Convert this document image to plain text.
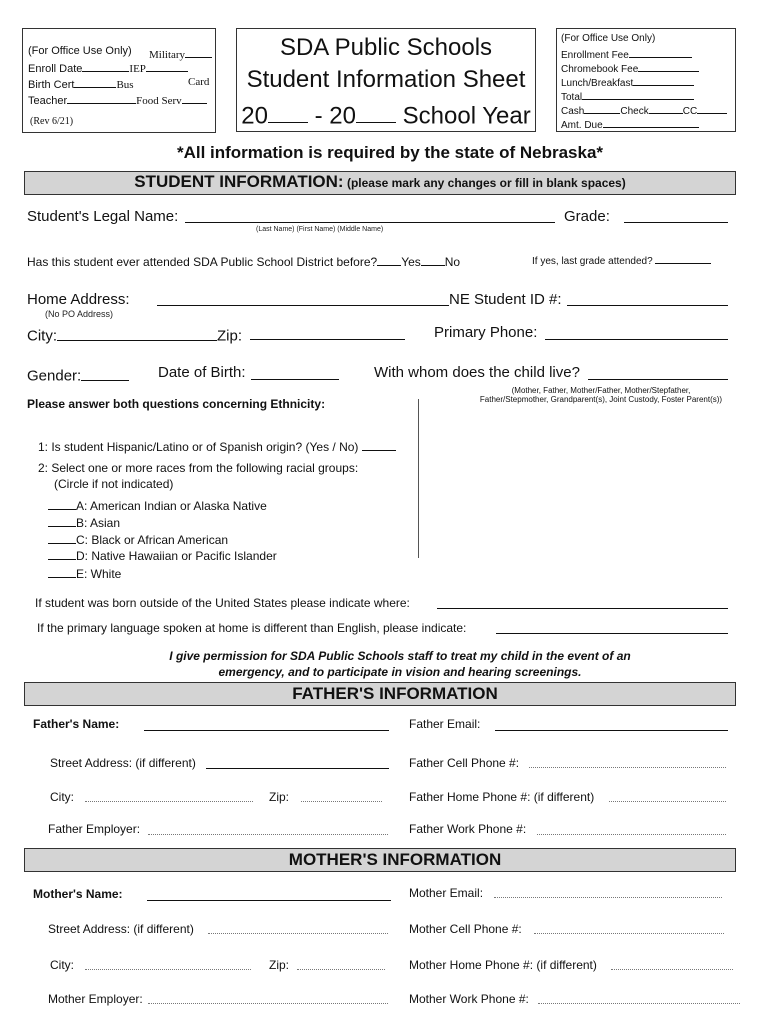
(For Office Use Only) Military
Enroll Date	IEP
Birth Cert	Bus	Card
Teacher	Food Serv
(Rev 6/21)
SDA Public Schools
Student Information Sheet
20 - 20 School Year
(For Office Use Only)
Enrollment Fee
Chromebook Fee
Lunch/Breakfast
Total
Cash	Check	CC
Amt. Due
*All information is required by the state of Nebraska*
STUDENT INFORMATION: (please mark any changes or fill in blank spaces)
Student's Legal Name:
(Last Name) (First Name) (Middle Name)
Grade:
Has this student ever attended SDA Public School District before? Yes No	If yes, last grade attended?
Home Address:
(No PO Address)
NE Student ID #:
City:	Zip:	Primary Phone:
Gender:	Date of Birth:	With whom does the child live?
(Mother, Father, Mother/Father, Mother/Stepfather,
Father/Stepmother, Grandparent(s), Joint Custody, Foster Parent(s))
Please answer both questions concerning Ethnicity:
1: Is student Hispanic/Latino or of Spanish origin? (Yes / No)
2: Select one or more races from the following racial groups:
(Circle if not indicated)
A: American Indian or Alaska Native
B: Asian
C: Black or African American
D: Native Hawaiian or Pacific Islander
E: White
If student was born outside of the United States please indicate where:
If the primary language spoken at home is different than English, please indicate:
I give permission for SDA Public Schools staff to treat my child in the event of an
emergency, and to participate in vision and hearing screenings.
FATHER'S INFORMATION
Father's Name:	Father Email:
Street Address: (if different)	Father Cell Phone #:
City:	Zip:	Father Home Phone #: (if different)
Father Employer:	Father Work Phone #:
MOTHER'S INFORMATION
Mother's Name:	Mother Email:
Street Address: (if different)	Mother Cell Phone #:
City:	Zip:	Mother Home Phone #: (if different)
Mother Employer:	Mother Work Phone #:
